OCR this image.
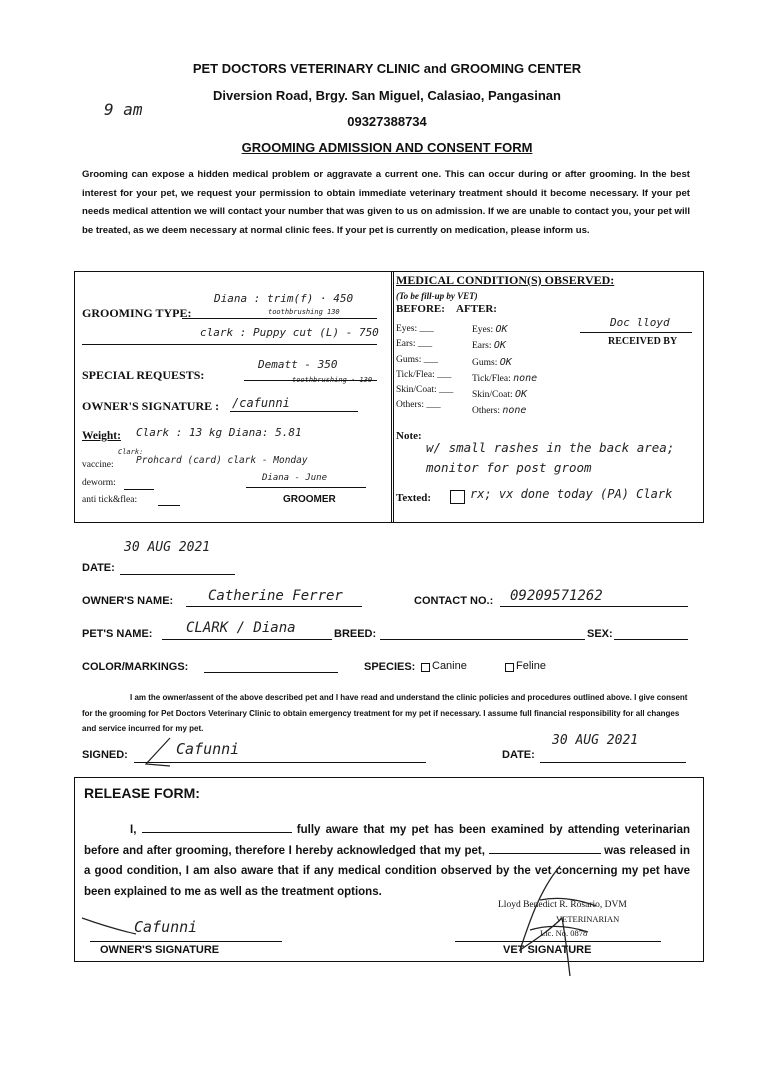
PET DOCTORS VETERINARY CLINIC and GROOMING CENTER
Diversion Road, Brgy. San Miguel, Calasiao, Pangasinan
09327388734
9 am
GROOMING ADMISSION AND CONSENT FORM
Grooming can expose a hidden medical problem or aggravate a current one. This can occur during or after grooming. In the best interest for your pet, we request your permission to obtain immediate veterinary treatment should it become necessary. If your pet needs medical attention we will contact your number that was given to us on admission. If we are unable to contact you, your pet will be treated, as we deem necessary at normal clinic fees. If your pet is currently on medication, please inform us.
GROOMING TYPE:
Diana : trim(f) · 450
toothbrushing 130
clark : Puppy cut (L) - 750
SPECIAL REQUESTS:
Dematt - 350
toothbrushing · 130
OWNER'S SIGNATURE : /cafunni
Weight: Clark : 13 kg Diana: 5.81
Clark:
vaccine: Prohcard (card) clark - Monday
deworm:	Diana - June
anti tick&flea:	GROOMER
MEDICAL CONDITION(S) OBSERVED:
(To be fill-up by VET)
BEFORE: AFTER:
Eyes: ___
Ears: ___
Gums: ___
Tick/Flea: ___
Skin/Coat: ___
Others: ___
Eyes: OK
Ears: OK
Gums: OK
Tick/Flea: none
Skin/Coat: OK
Others: none
Doc lloyd
RECEIVED BY
Note:
w/ small rashes in the back area; monitor for post groom
Texted:	rx; vx done today (PA) Clark
30 AUG 2021
DATE:
OWNER'S NAME: Catherine Ferrer	CONTACT NO.: 09209571262
PET'S NAME: CLARK / Diana	BREED:	SEX:
COLOR/MARKINGS:	SPECIES: Canine	Feline
I am the owner/assent of the above described pet and I have read and understand the clinic policies and procedures outlined above. I give consent for the grooming for Pet Doctors Veterinary Clinic to obtain emergency treatment for my pet if necessary. I assume full financial responsibility for all changes and service incurred for my pet.
SIGNED:	Cafunni	DATE:
30 AUG 2021
RELEASE FORM:
I,	fully aware that my pet has been examined by attending veterinarian before and after grooming, therefore I hereby acknowledged that my pet,	was released in a good condition, I am also aware that if any medical condition observed by the vet concerning my pet have been explained to me as well as the treatment options.
Cafunni
OWNER'S SIGNATURE
Lloyd Benedict R. Rosario, DVM
VETERINARIAN
Lic. No. 0878
VET SIGNATURE
